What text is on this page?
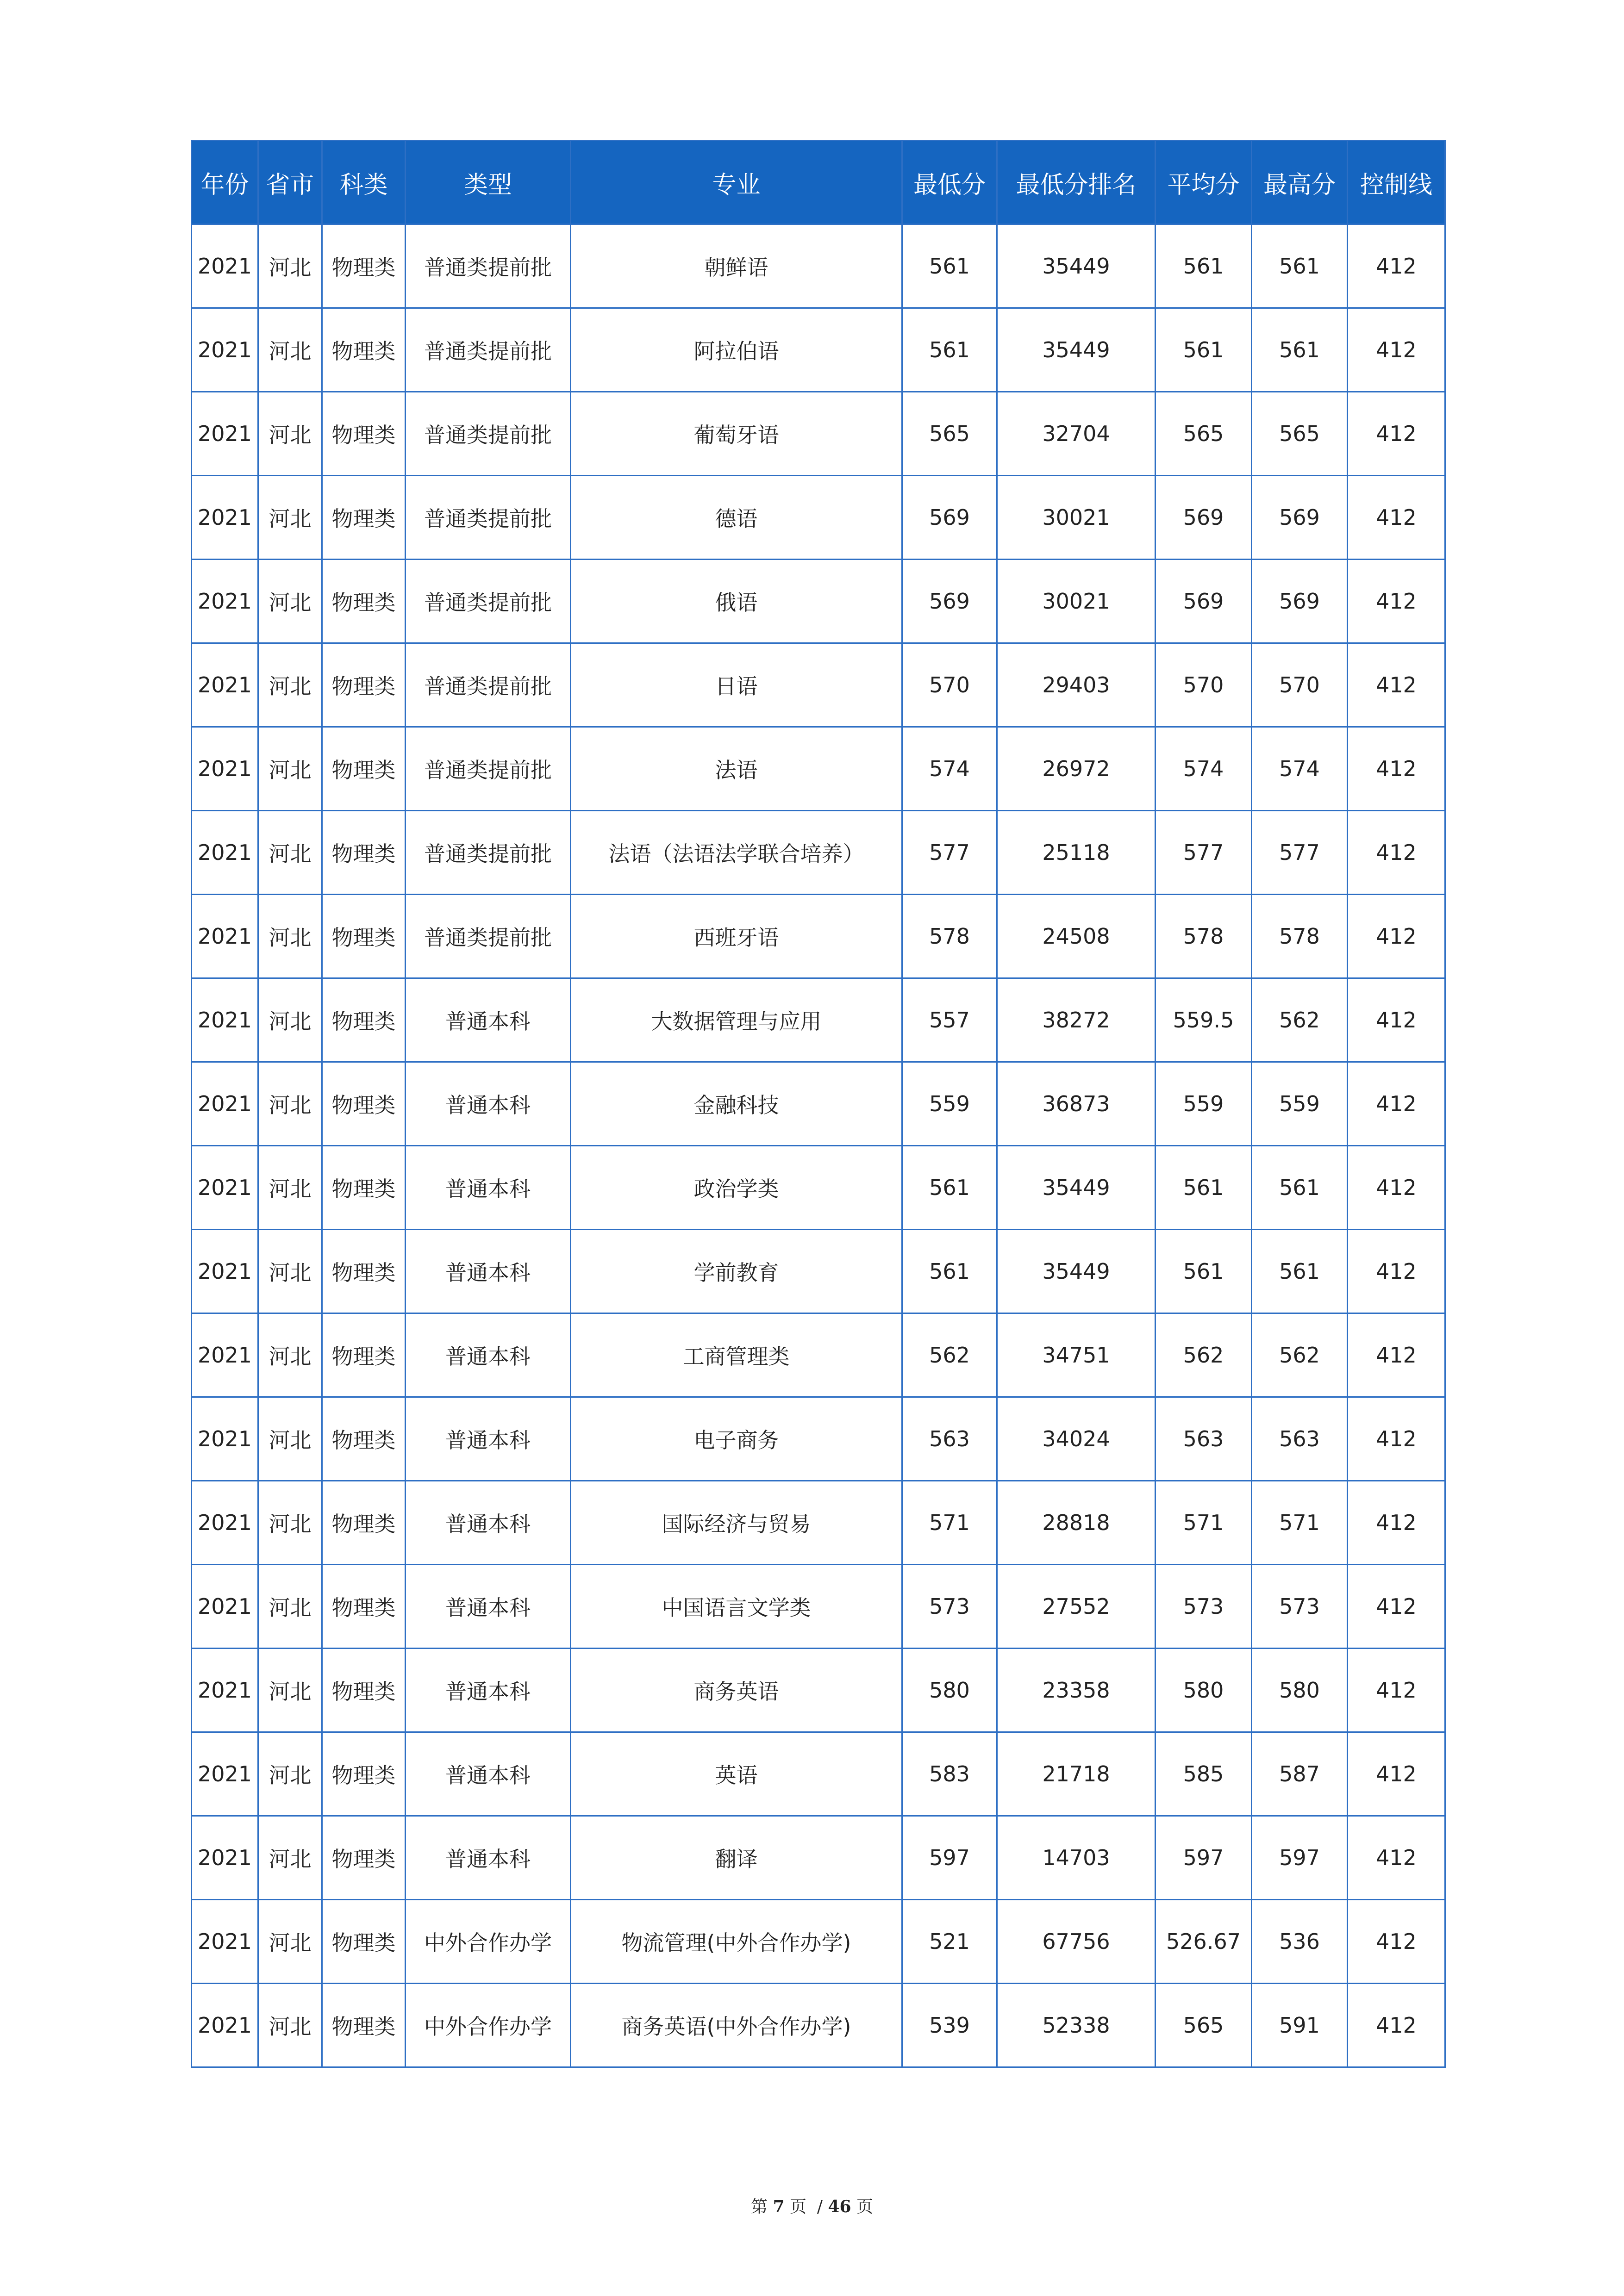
年份	省市	科类	类型	专业	最低分	最低分排名	平均分	最高分	控制线
2021	河北	物理类	普通类提前批	朝鲜语	561	35449	561	561	412
2021	河北	物理类	普通类提前批	阿拉伯语	561	35449	561	561	412
2021	河北	物理类	普通类提前批	葡萄牙语	565	32704	565	565	412
2021	河北	物理类	普通类提前批	德语	569	30021	569	569	412
2021	河北	物理类	普通类提前批	俄语	569	30021	569	569	412
2021	河北	物理类	普通类提前批	日语	570	29403	570	570	412
2021	河北	物理类	普通类提前批	法语	574	26972	574	574	412
2021	河北	物理类	普通类提前批	法语（法语法学联合培养）	577	25118	577	577	412
2021	河北	物理类	普通类提前批	西班牙语	578	24508	578	578	412
2021	河北	物理类	普通本科	大数据管理与应用	557	38272	559.5	562	412
2021	河北	物理类	普通本科	金融科技	559	36873	559	559	412
2021	河北	物理类	普通本科	政治学类	561	35449	561	561	412
2021	河北	物理类	普通本科	学前教育	561	35449	561	561	412
2021	河北	物理类	普通本科	工商管理类	562	34751	562	562	412
2021	河北	物理类	普通本科	电子商务	563	34024	563	563	412
2021	河北	物理类	普通本科	国际经济与贸易	571	28818	571	571	412
2021	河北	物理类	普通本科	中国语言文学类	573	27552	573	573	412
2021	河北	物理类	普通本科	商务英语	580	23358	580	580	412
2021	河北	物理类	普通本科	英语	583	21718	585	587	412
2021	河北	物理类	普通本科	翻译	597	14703	597	597	412
2021	河北	物理类	中外合作办学	物流管理(中外合作办学)	521	67756	526.67	536	412
2021	河北	物理类	中外合作办学	商务英语(中外合作办学)	539	52338	565	591	412
第 7 页 / 46 页
